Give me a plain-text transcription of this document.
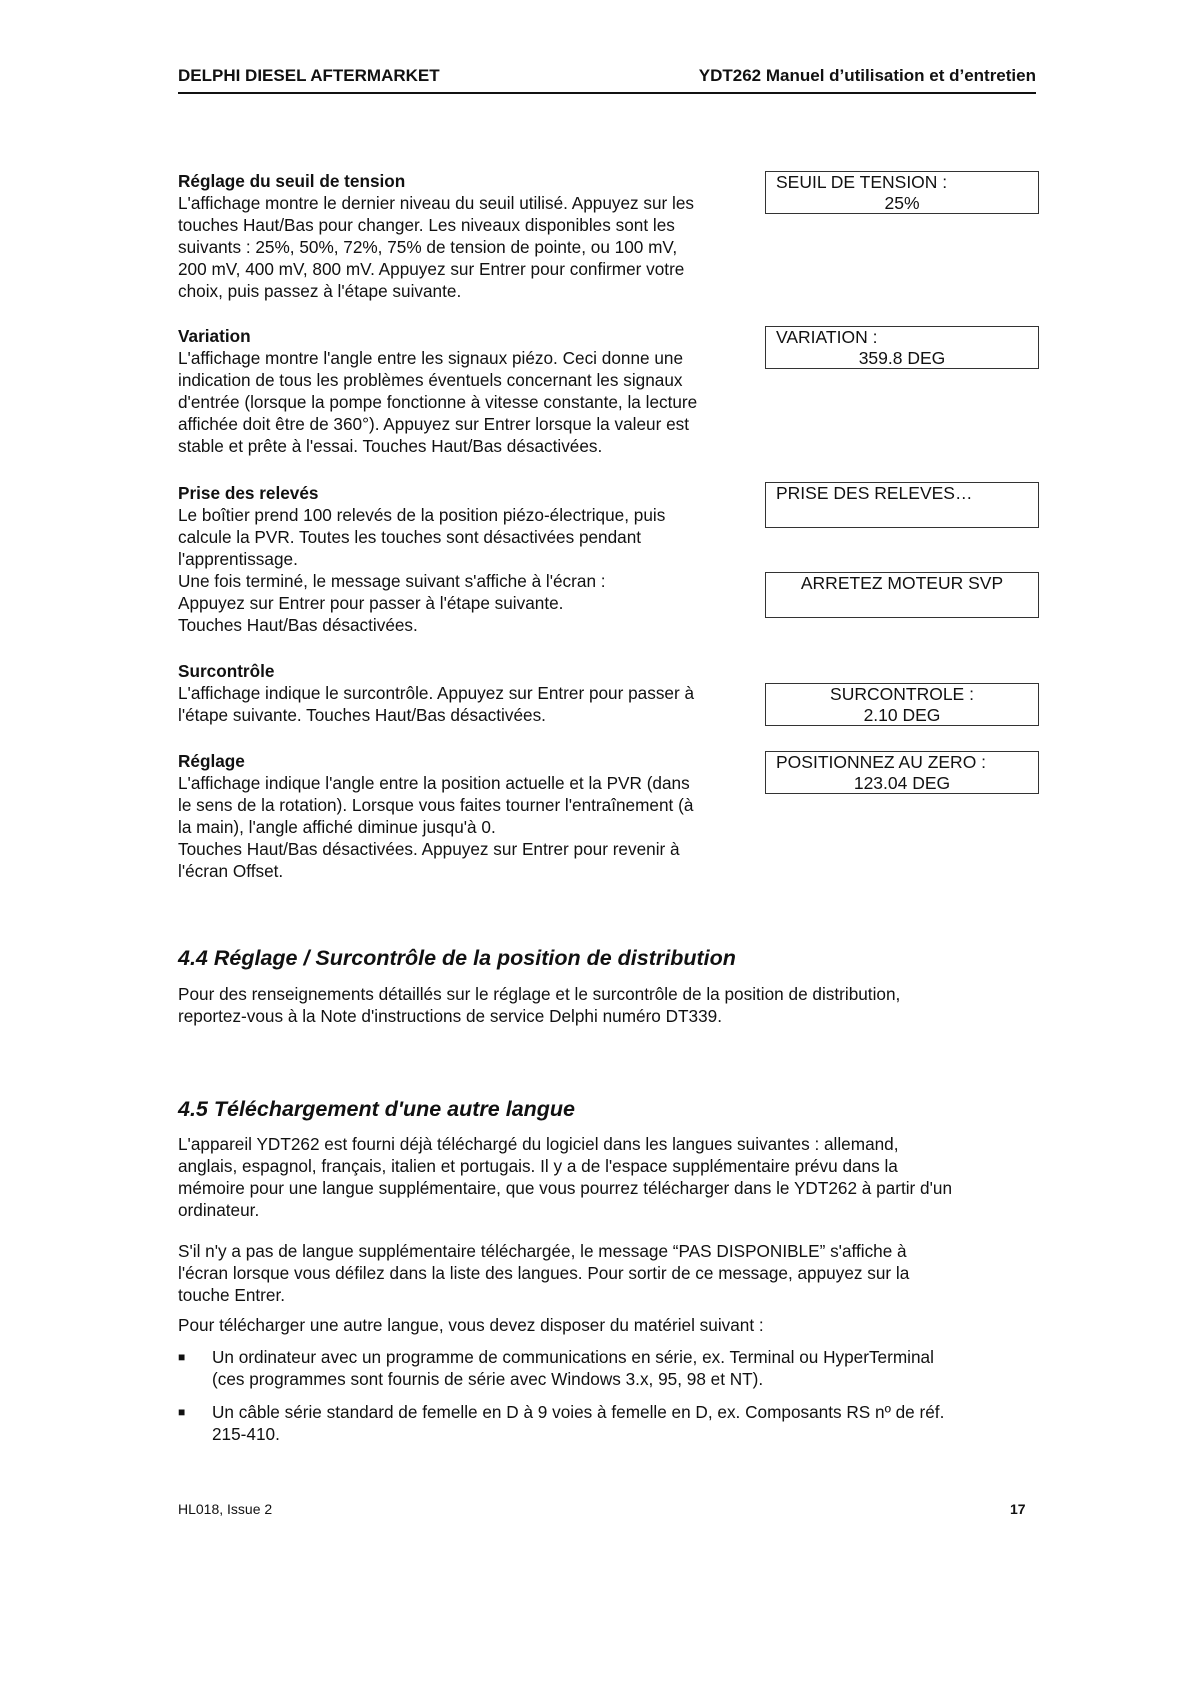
DELPHI DIESEL AFTERMARKET	YDT262 Manuel d’utilisation et d’entretien
Réglage du seuil de tension

L'affichage montre le dernier niveau du seuil utilisé. Appuyez sur les

touches Haut/Bas pour changer. Les niveaux disponibles sont les

suivants : 25%, 50%, 72%, 75% de tension de pointe, ou 100 mV,

200 mV, 400 mV, 800 mV. Appuyez sur Entrer pour confirmer votre

choix, puis passez à l'étape suivante.

SEUIL DE TENSION :
25%
Variation

L'affichage montre l'angle entre les signaux piézo. Ceci donne une

indication de tous les problèmes éventuels concernant les signaux

d'entrée (lorsque la pompe fonctionne à vitesse constante, la lecture

affichée doit être de 360°). Appuyez sur Entrer lorsque la valeur est

stable et prête à l'essai. Touches Haut/Bas désactivées.

VARIATION :
359.8 DEG
Prise des relevés

Le boîtier prend 100 relevés de la position piézo-électrique, puis

calcule la PVR. Toutes les touches sont désactivées pendant

l'apprentissage.

Une fois terminé, le message suivant s'affiche à l'écran :

Appuyez sur Entrer pour passer à l'étape suivante.

Touches Haut/Bas désactivées.

PRISE DES RELEVES…
ARRETEZ MOTEUR SVP
Surcontrôle

L'affichage indique le surcontrôle. Appuyez sur Entrer pour passer à

l'étape suivante. Touches Haut/Bas désactivées.

SURCONTROLE :
2.10 DEG
Réglage

L'affichage indique l'angle entre la position actuelle et la PVR (dans

le sens de la rotation). Lorsque vous faites tourner l'entraînement (à

la main), l'angle affiché diminue jusqu'à 0.

Touches Haut/Bas désactivées. Appuyez sur Entrer pour revenir à

l'écran Offset.

POSITIONNEZ AU ZERO :
123.04 DEG
4.4 Réglage / Surcontrôle de la position de distribution
Pour des renseignements détaillés sur le réglage et le surcontrôle de la position de distribution,
reportez-vous à la Note d'instructions de service Delphi numéro DT339.
4.5 Téléchargement d'une autre langue
L'appareil YDT262 est fourni déjà téléchargé du logiciel dans les langues suivantes : allemand,
anglais, espagnol, français, italien et portugais. Il y a de l'espace supplémentaire prévu dans la
mémoire pour une langue supplémentaire, que vous pourrez télécharger dans le YDT262 à partir d'un
ordinateur.
S'il n'y a pas de langue supplémentaire téléchargée, le message “PAS DISPONIBLE” s'affiche à
l'écran lorsque vous défilez dans la liste des langues. Pour sortir de ce message, appuyez sur la
touche Entrer.
Pour télécharger une autre langue, vous devez disposer du matériel suivant :
■ Un ordinateur avec un programme de communications en série, ex. Terminal ou HyperTerminal
(ces programmes sont fournis de série avec Windows 3.x, 95, 98 et NT).
■ Un câble série standard de femelle en D à 9 voies à femelle en D, ex. Composants RS nº de réf.
215-410.
HL018, Issue 2	17
